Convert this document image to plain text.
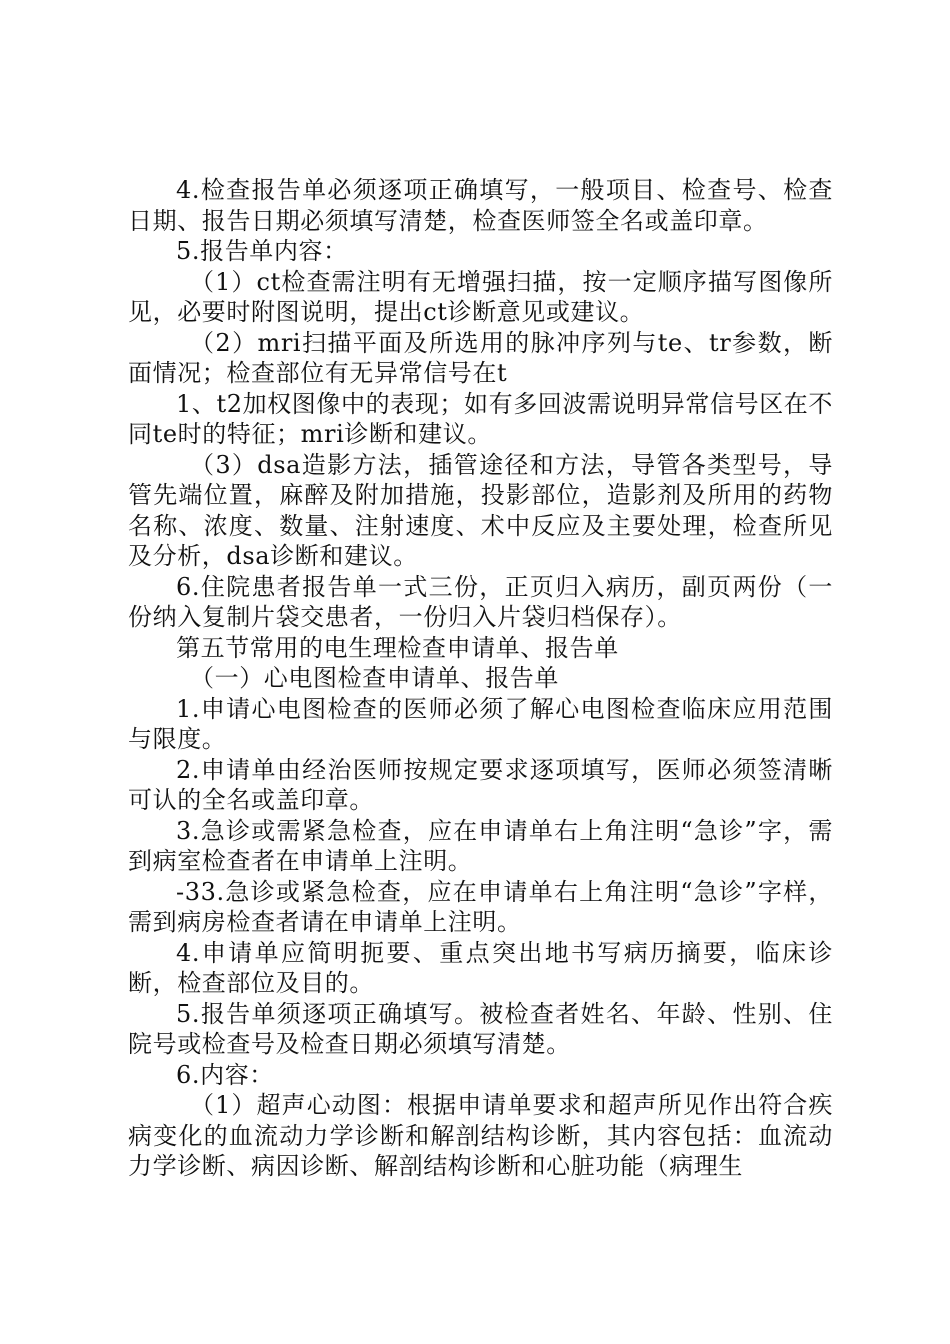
4.检查报告单必须逐项正确填写，一般项目、检查号、检查日期、报告日期必须填写清楚，检查医师签全名或盖印章。

5.报告单内容：

（1）ct检查需注明有无增强扫描，按一定顺序描写图像所见，必要时附图说明，提出ct诊断意见或建议。

（2）mri扫描平面及所选用的脉冲序列与te、tr参数，断面情况；检查部位有无异常信号在t

1、t2加权图像中的表现；如有多回波需说明异常信号区在不同te时的特征；mri诊断和建议。

（3）dsa造影方法，插管途径和方法，导管各类型号，导管先端位置，麻醉及附加措施，投影部位，造影剂及所用的药物名称、浓度、数量、注射速度、术中反应及主要处理，检查所见及分析，dsa诊断和建议。

6.住院患者报告单一式三份，正页归入病历，副页两份（一份纳入复制片袋交患者，一份归入片袋归档保存）。

第五节常用的电生理检查申请单、报告单

（一）心电图检查申请单、报告单

1.申请心电图检查的医师必须了解心电图检查临床应用范围与限度。

2.申请单由经治医师按规定要求逐项填写，医师必须签清晰可认的全名或盖印章。

3.急诊或需紧急检查，应在申请单右上角注明“急诊”字，需到病室检查者在申请单上注明。

-33.急诊或紧急检查，应在申请单右上角注明“急诊”字样，需到病房检查者请在申请单上注明。

4.申请单应简明扼要、重点突出地书写病历摘要，临床诊断，检查部位及目的。

5.报告单须逐项正确填写。被检查者姓名、年龄、性别、住院号或检查号及检查日期必须填写清楚。

6.内容：

（1）超声心动图：根据申请单要求和超声所见作出符合疾病变化的血流动力学诊断和解剖结构诊断，其内容包括：血流动力学诊断、病因诊断、解剖结构诊断和心脏功能（病理生
